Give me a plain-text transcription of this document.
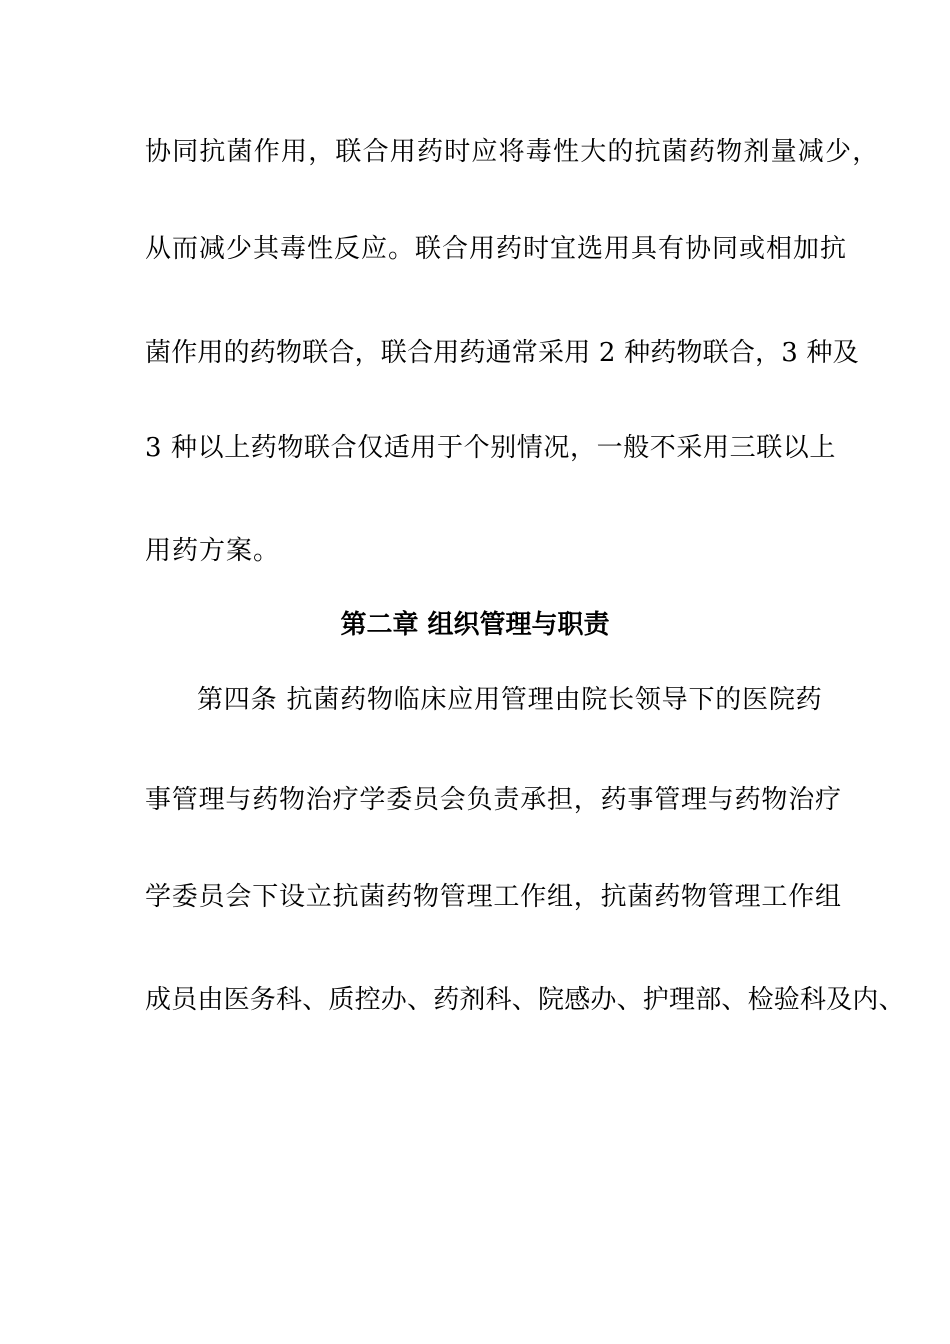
协同抗菌作用，联合用药时应将毒性大的抗菌药物剂量减少，
从而减少其毒性反应。联合用药时宜选用具有协同或相加抗
菌作用的药物联合，联合用药通常采用 2 种药物联合，3 种及
3 种以上药物联合仅适用于个别情况，一般不采用三联以上
用药方案。
第二章 组织管理与职责
第四条 抗菌药物临床应用管理由院长领导下的医院药
事管理与药物治疗学委员会负责承担，药事管理与药物治疗
学委员会下设立抗菌药物管理工作组，抗菌药物管理工作组
成员由医务科、质控办、药剂科、院感办、护理部、检验科及内、
